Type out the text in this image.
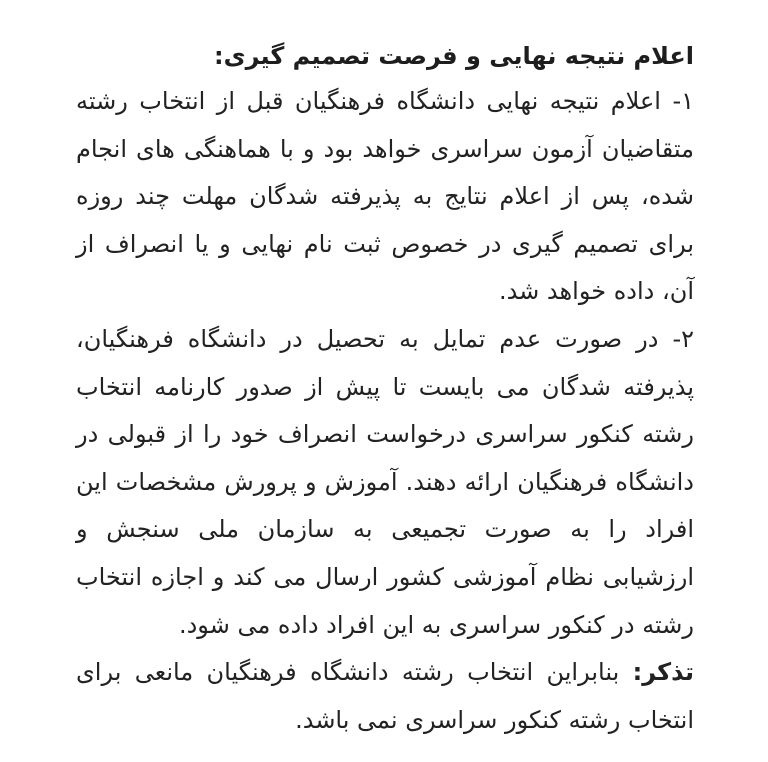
اعلام نتیجه نهایی و فرصت تصمیم گیری:

۱- اعلام نتیجه نهایی دانشگاه فرهنگیان قبل از انتخاب رشته متقاضیان آزمون سراسری خواهد بود و با هماهنگی های انجام شده، پس از اعلام نتایج به پذیرفته شدگان مهلت چند روزه برای تصمیم گیری در خصوص ثبت نام نهایی و یا انصراف از آن، داده خواهد شد.

۲- در صورت عدم تمایل به تحصیل در دانشگاه فرهنگیان، پذیرفته شدگان می بایست تا پیش از صدور کارنامه انتخاب رشته کنکور سراسری درخواست انصراف خود را از قبولی در دانشگاه فرهنگیان ارائه دهند. آموزش و پرورش مشخصات این افراد را به صورت تجمیعی به سازمان ملی سنجش و ارزشیابی نظام آموزشی کشور ارسال می کند و اجازه انتخاب رشته در کنکور سراسری به این افراد داده می شود.

تذکر: بنابراین انتخاب رشته دانشگاه فرهنگیان مانعی برای انتخاب رشته کنکور سراسری نمی باشد.
